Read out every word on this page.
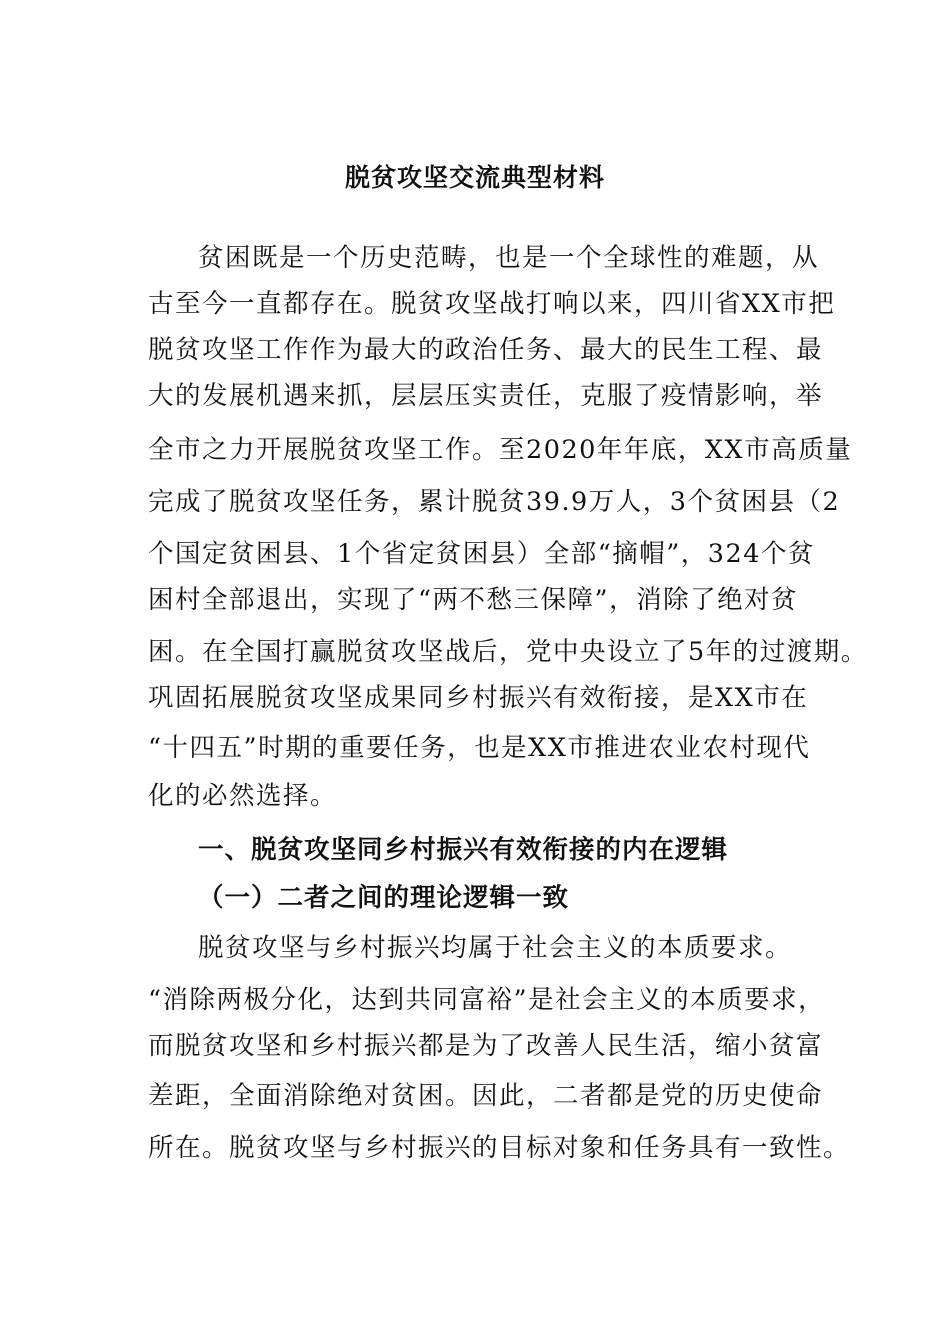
脱贫攻坚交流典型材料
贫困既是一个历史范畴，也是一个全球性的难题，从
古至今一直都存在。脱贫攻坚战打响以来，四川省XX市把
脱贫攻坚工作作为最大的政治任务、最大的民生工程、最
大的发展机遇来抓，层层压实责任，克服了疫情影响，举
全市之力开展脱贫攻坚工作。至2020年年底，XX市高质量
完成了脱贫攻坚任务，累计脱贫39.9万人，3个贫困县（2
个国定贫困县、1个省定贫困县）全部“摘帽”，324个贫
困村全部退出，实现了“两不愁三保障”，消除了绝对贫
困。在全国打赢脱贫攻坚战后，党中央设立了5年的过渡期。
巩固拓展脱贫攻坚成果同乡村振兴有效衔接，是XX市在
“十四五”时期的重要任务，也是XX市推进农业农村现代
化的必然选择。
一、脱贫攻坚同乡村振兴有效衔接的内在逻辑
（一）二者之间的理论逻辑一致
脱贫攻坚与乡村振兴均属于社会主义的本质要求。
“消除两极分化，达到共同富裕”是社会主义的本质要求，
而脱贫攻坚和乡村振兴都是为了改善人民生活，缩小贫富
差距，全面消除绝对贫困。因此，二者都是党的历史使命
所在。脱贫攻坚与乡村振兴的目标对象和任务具有一致性。
